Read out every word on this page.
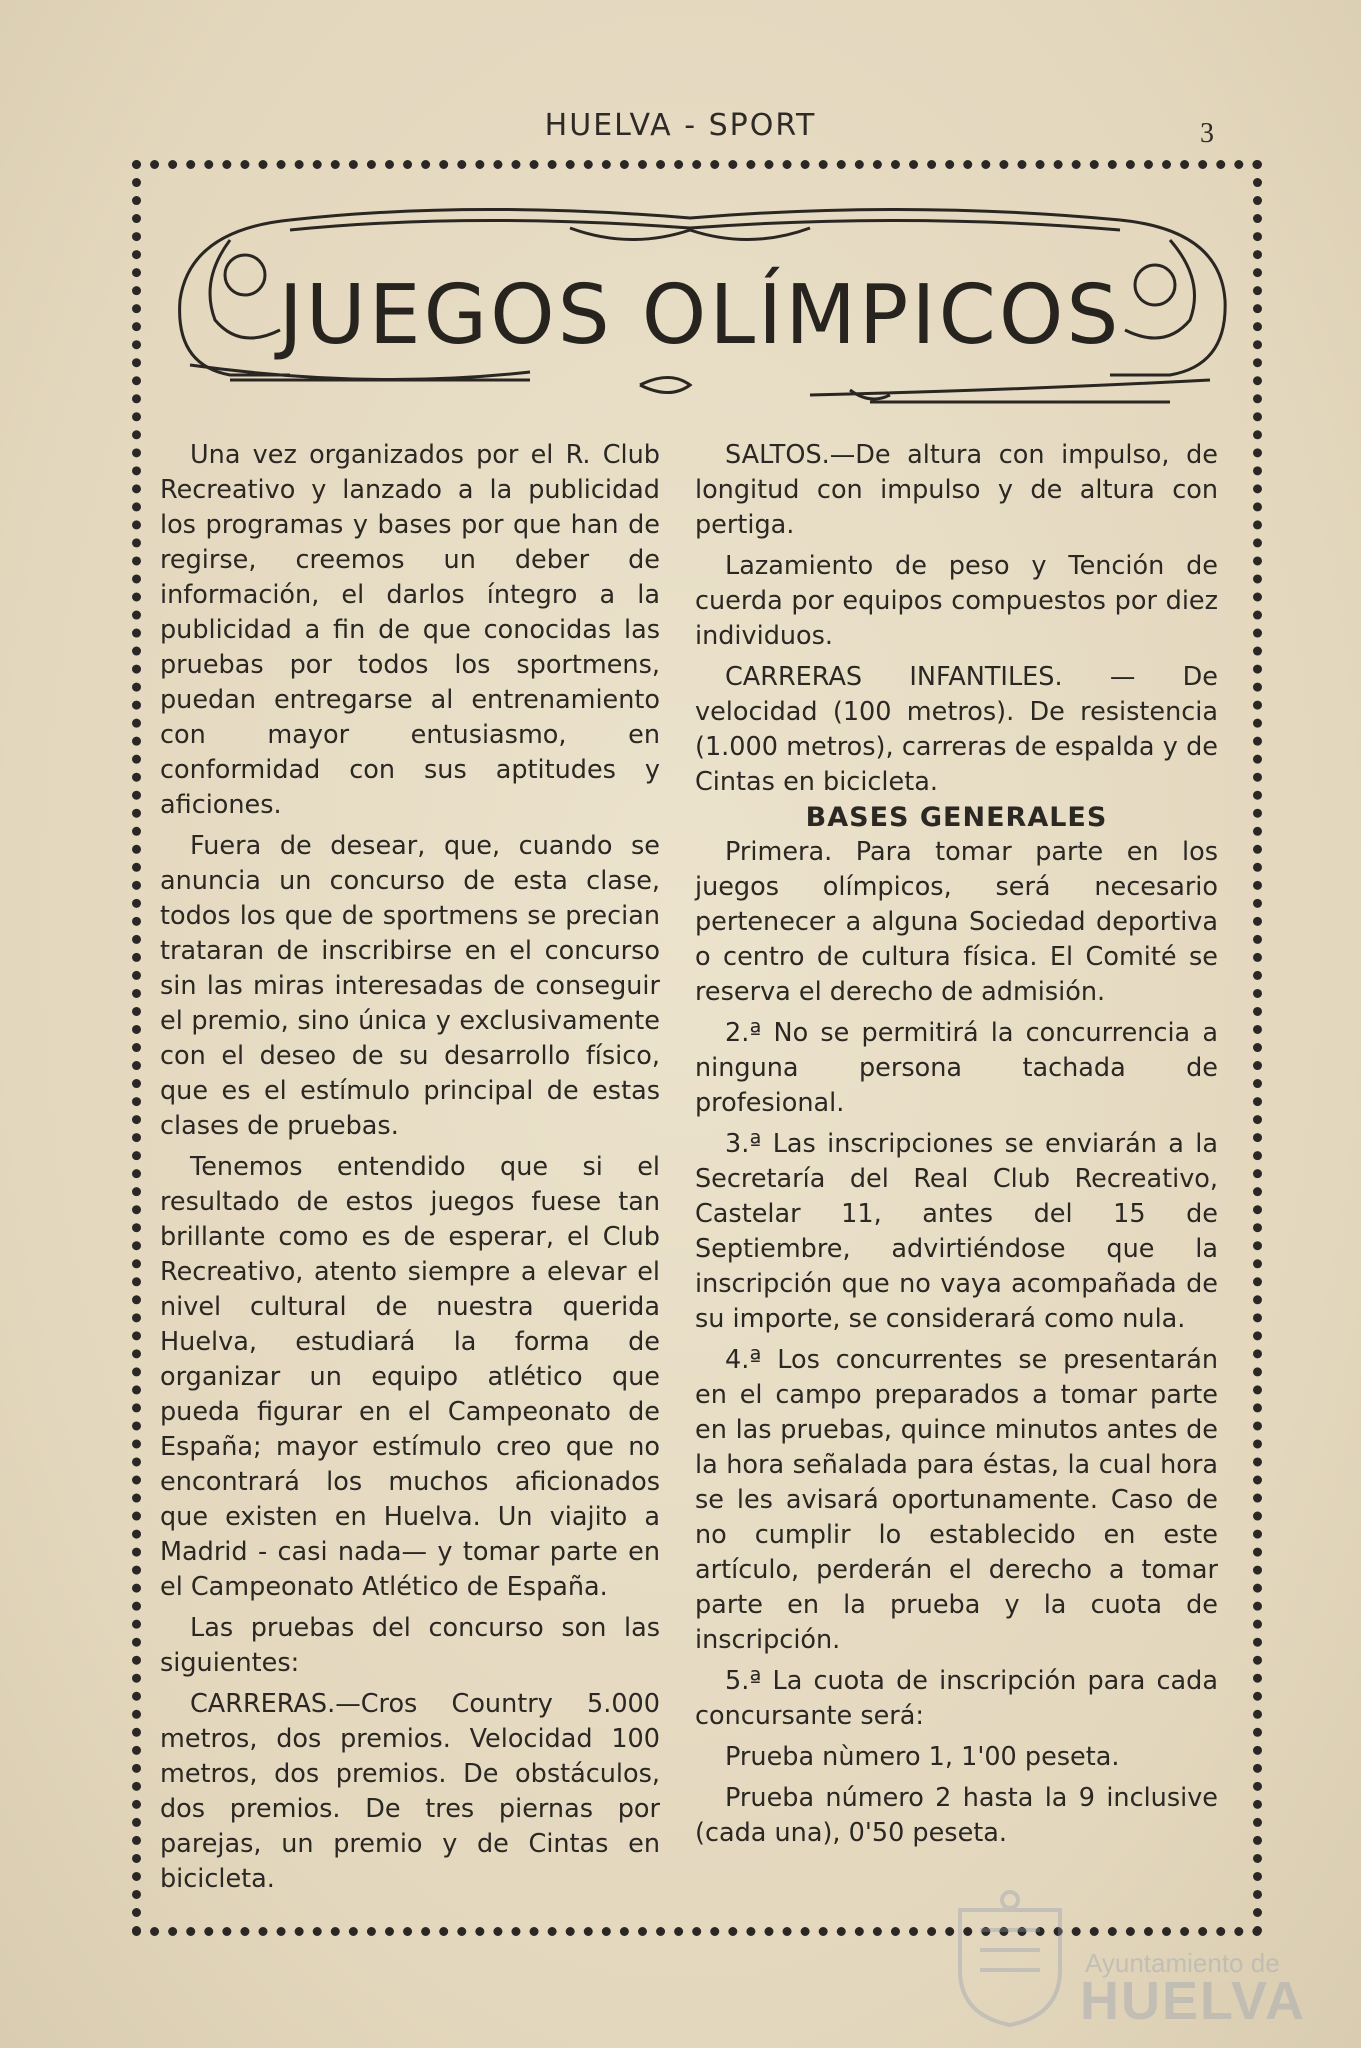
HUELVA - SPORT	3
JUEGOS OLÍMPICOS

Una vez organizados por el R. Club Recreativo y lanzado a la publicidad los programas y bases por que han de regirse, creemos un deber de información, el darlos íntegro a la publicidad a fin de que conocidas las pruebas por todos los sportmens, puedan entregarse al entrenamiento con mayor entusiasmo, en conformidad con sus aptitudes y aficiones.

Fuera de desear, que, cuando se anuncia un concurso de esta clase, todos los que de sportmens se precian trataran de inscribirse en el concurso sin las miras interesadas de conseguir el premio, sino única y exclusivamente con el deseo de su desarrollo físico, que es el estímulo principal de estas clases de pruebas.

Tenemos entendido que si el resultado de estos juegos fuese tan brillante como es de esperar, el Club Recreativo, atento siempre a elevar el nivel cultural de nuestra querida Huelva, estudiará la forma de organizar un equipo atlético que pueda figurar en el Campeonato de España; mayor estímulo creo que no encontrará los muchos aficionados que existen en Huelva. Un viajito a Madrid - casi nada— y tomar parte en el Campeonato Atlético de España.

Las pruebas del concurso son las siguientes:

CARRERAS.—Cros Country 5.000 metros, dos premios. Velocidad 100 metros, dos premios. De obstáculos, dos premios. De tres piernas por parejas, un premio y de Cintas en bicicleta.

SALTOS.—De altura con impulso, de longitud con impulso y de altura con pertiga.

Lazamiento de peso y Tención de cuerda por equipos compuestos por diez individuos.

CARRERAS INFANTILES. — De velocidad (100 metros). De resistencia (1.000 metros), carreras de espalda y de Cintas en bicicleta.

BASES GENERALES

Primera. Para tomar parte en los juegos olímpicos, será necesario pertenecer a alguna Sociedad deportiva o centro de cultura física. El Comité se reserva el derecho de admisión.

2.ª No se permitirá la concurrencia a ninguna persona tachada de profesional.

3.ª Las inscripciones se enviarán a la Secretaría del Real Club Recreativo, Castelar 11, antes del 15 de Septiembre, advirtiéndose que la inscripción que no vaya acompañada de su importe, se considerará como nula.

4.ª Los concurrentes se presentarán en el campo preparados a tomar parte en las pruebas, quince minutos antes de la hora señalada para éstas, la cual hora se les avisará oportunamente. Caso de no cumplir lo establecido en este artículo, perderán el derecho a tomar parte en la prueba y la cuota de inscripción.

5.ª La cuota de inscripción para cada concursante será:

Prueba nùmero 1, 1'00 peseta.

Prueba número 2 hasta la 9 inclusive (cada una), 0'50 peseta.

Ayuntamiento de
HUELVA
